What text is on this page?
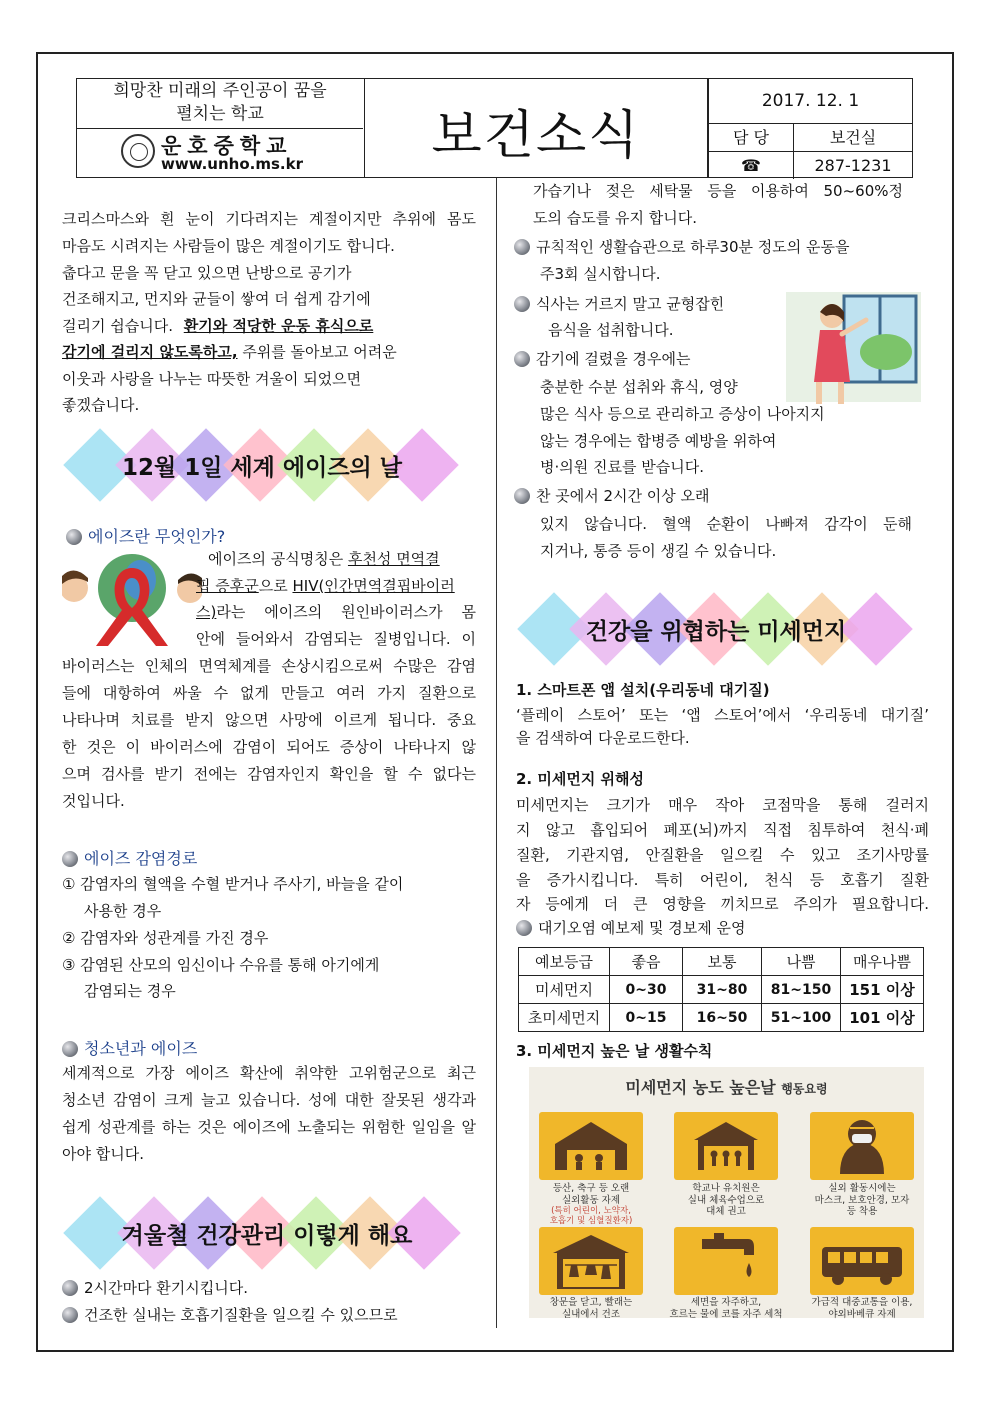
희망찬 미래의 주인공이 꿈을
펼치는 학교
운호중학교
www.unho.ms.kr	보건소식
2017. 12. 1
담 당	보건실
☎	287-1231
크리스마스와 흰 눈이 기다려지는 계절이지만 추위에 몸도
마음도 시려지는 사람들이 많은 계절이기도 합니다.
춥다고 문을 꼭 닫고 있으면 난방으로 공기가
건조해지고, 먼지와 균들이 쌓여 더 쉽게 감기에
걸리기 쉽습니다. 환기와 적당한 운동 휴식으로
감기에 걸리지 않도록하고, 주위를 돌아보고 어려운
이웃과 사랑을 나누는 따뜻한 겨울이 되었으면
좋겠습니다.
12월 1일 세계 에이즈의 날
에이즈란 무엇인가?
에이즈의 공식명칭은 후천성 면역결
핍 증후군으로 HIV(인간면역결핍바이러
스)라는 에이즈의 원인바이러스가 몸
안에 들어와서 감염되는 질병입니다. 이
바이러스는 인체의 면역체계를 손상시킴으로써 수많은 감염
들에 대항하여 싸울 수 없게 만들고 여러 가지 질환으로
나타나며 치료를 받지 않으면 사망에 이르게 됩니다. 중요
한 것은 이 바이러스에 감염이 되어도 증상이 나타나지 않
으며 검사를 받기 전에는 감염자인지 확인을 할 수 없다는
것입니다.
에이즈 감염경로
① 감염자의 혈액을 수혈 받거나 주사기, 바늘을 같이
사용한 경우
② 감염자와 성관계를 가진 경우
③ 감염된 산모의 임신이나 수유를 통해 아기에게
감염되는 경우
청소년과 에이즈
세계적으로 가장 에이즈 확산에 취약한 고위험군으로 최근
청소년 감염이 크게 늘고 있습니다. 성에 대한 잘못된 생각과
쉽게 성관계를 하는 것은 에이즈에 노출되는 위험한 일임을 알
아야 합니다.
겨울철 건강관리 이렇게 해요
2시간마다 환기시킵니다.
건조한 실내는 호흡기질환을 일으킬 수 있으므로
가습기나 젖은 세탁물 등을 이용하여 50~60%정
도의 습도를 유지 합니다.
규칙적인 생활습관으로 하루30분 정도의 운동을
주3회 실시합니다.
식사는 거르지 말고 균형잡힌
음식을 섭취합니다.
감기에 걸렸을 경우에는
충분한 수분 섭취와 휴식, 영양
많은 식사 등으로 관리하고 증상이 나아지지
않는 경우에는 합병증 예방을 위하여
병·의원 진료를 받습니다.
찬 곳에서 2시간 이상 오래
있지 않습니다. 혈액 순환이 나빠져 감각이 둔해
지거나, 통증 등이 생길 수 있습니다.
건강을 위협하는 미세먼지
1. 스마트폰 앱 설치(우리동네 대기질)
‘플레이 스토어’ 또는 ‘앱 스토어’에서 ‘우리동네 대기질’
을 검색하여 다운로드한다.
2. 미세먼지 위해성
미세먼지는 크기가 매우 작아 코점막을 통해 걸러지
지 않고 흡입되어 폐포(뇌)까지 직접 침투하여 천식·폐
질환, 기관지염, 안질환을 일으킬 수 있고 조기사망률
을 증가시킵니다. 특히 어린이, 천식 등 호흡기 질환
자 등에게 더 큰 영향을 끼치므로 주의가 필요합니다.
대기오염 예보제 및 경보제 운영
예보등급	좋음	보통	나쁨	매우나쁨
미세먼지	0~30	31~80	81~150	151 이상
초미세먼지	0~15	16~50	51~100	101 이상
3. 미세먼지 높은 날 생활수칙
미세먼지 농도 높은날 행동요령
등산, 축구 등 오랜
실외활동 자제
(특히 어린이, 노약자,
호흡기 및 심혈질환자)
학교나 유치원은
실내 체육수업으로
대체 권고
실외 활동시에는
마스크, 보호안경, 모자
등 착용
창문을 닫고, 빨래는
실내에서 건조
세면을 자주하고,
흐르는 물에 코를 자주 세척
가급적 대중교통을 이용,
야외바베큐 자제
